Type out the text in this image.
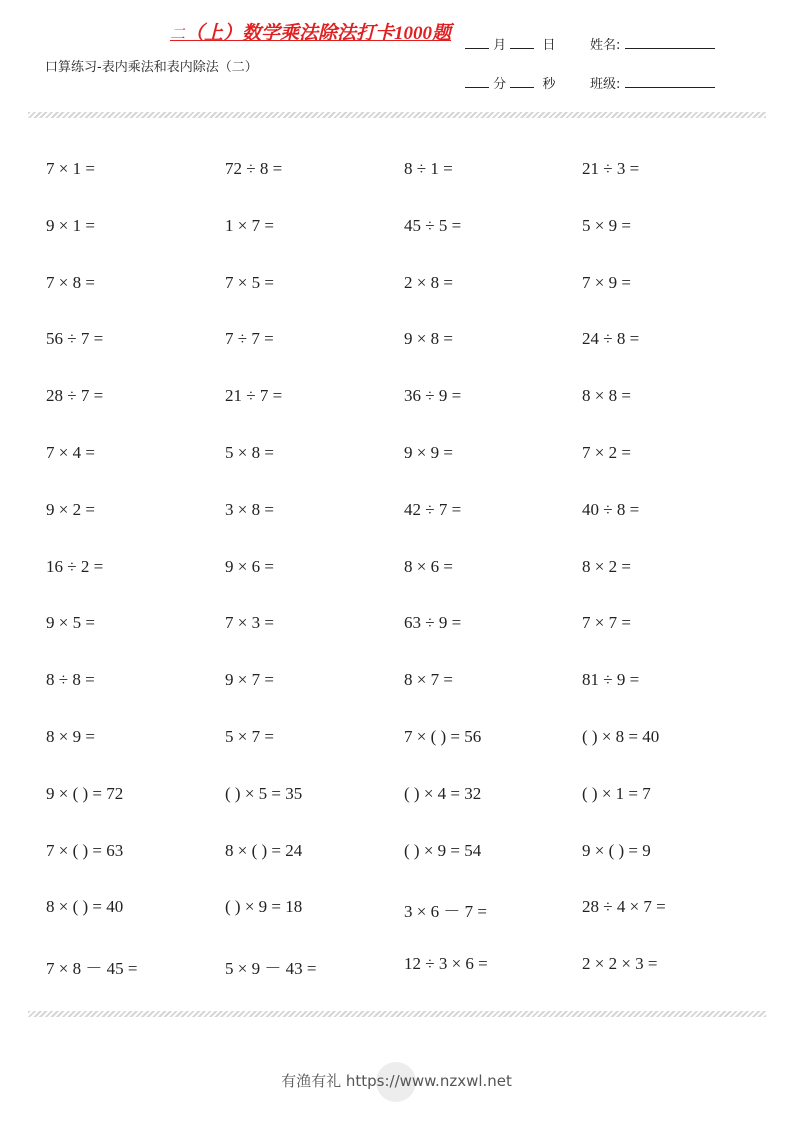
二（上）数学乘法除法打卡1000题
口算练习-表内乘法和表内除法（二）
月	日	姓名:
分	秒	班级:
7 × 1 =	72 ÷ 8 =	8 ÷ 1 =	21 ÷ 3 =
9 × 1 =	1 × 7 =	45 ÷ 5 =	5 × 9 =
7 × 8 =	7 × 5 =	2 × 8 =	7 × 9 =
56 ÷ 7 =	7 ÷ 7 =	9 × 8 =	24 ÷ 8 =
28 ÷ 7 =	21 ÷ 7 =	36 ÷ 9 =	8 × 8 =
7 × 4 =	5 × 8 =	9 × 9 =	7 × 2 =
9 × 2 =	3 × 8 =	42 ÷ 7 =	40 ÷ 8 =
16 ÷ 2 =	9 × 6 =	8 × 6 =	8 × 2 =
9 × 5 =	7 × 3 =	63 ÷ 9 =	7 × 7 =
8 ÷ 8 =	9 × 7 =	8 × 7 =	81 ÷ 9 =
8 × 9 =	5 × 7 =	7 × ( ) = 56	( ) × 8 = 40
9 × ( ) = 72	( ) × 5 = 35	( ) × 4 = 32	( ) × 1 = 7
7 × ( ) = 63	8 × ( ) = 24	( ) × 9 = 54	9 × ( ) = 9
8 × ( ) = 40	( ) × 9 = 18	3 × 6 － 7 =	28 ÷ 4 × 7 =
7 × 8 － 45 =	5 × 9 － 43 =	12 ÷ 3 × 6 =	2 × 2 × 3 =
有渔有礼 https://www.nzxwl.net
